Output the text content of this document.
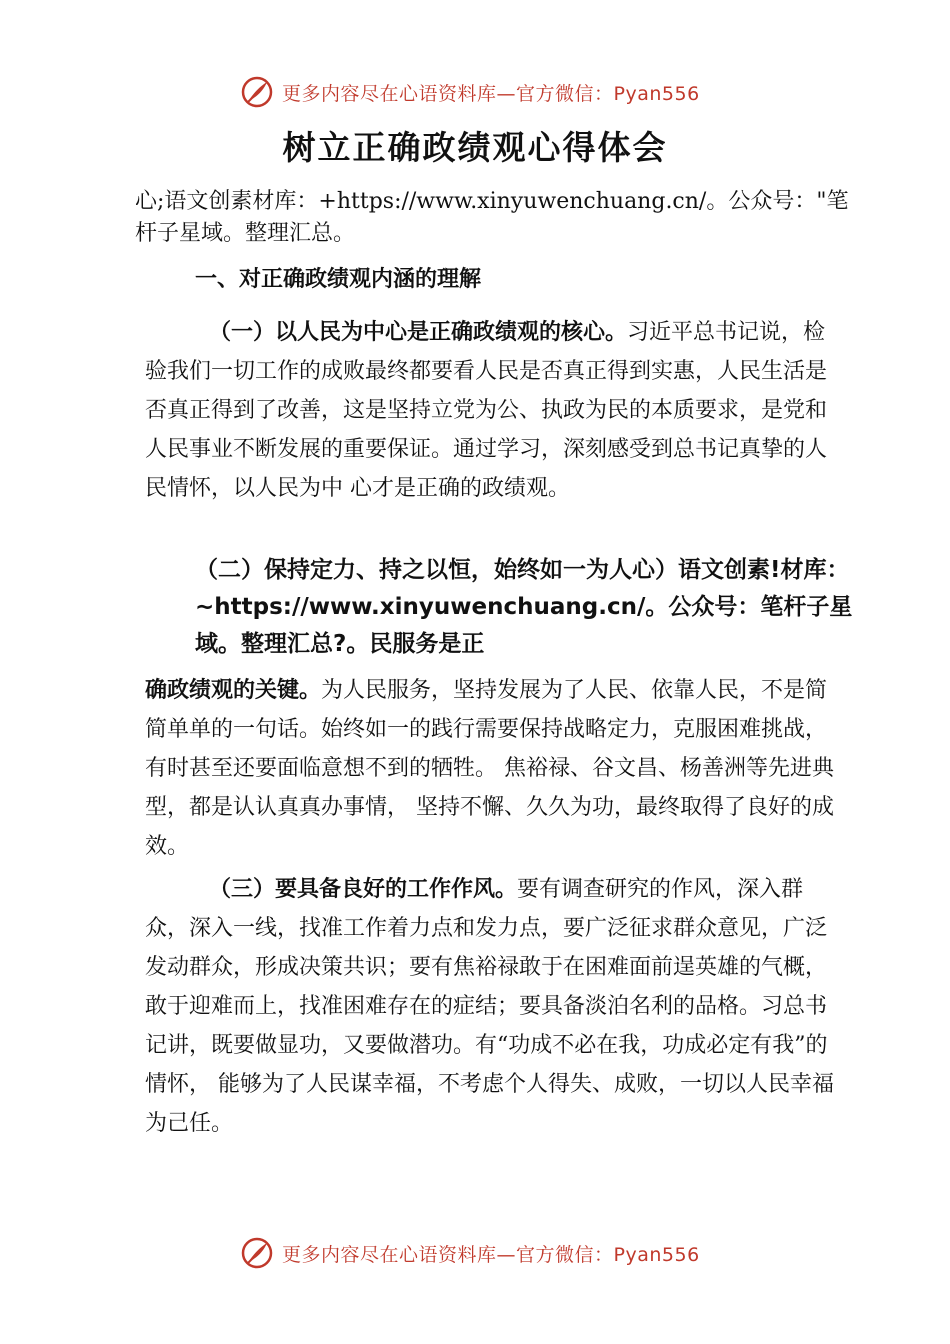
更多内容尽在心语资料库—官方微信：Pyan556
树立正确政绩观心得体会

心;语文创素材库：+https://www.xinyuwenchuang.cn/。公众号："笔杆子星域。整理汇总。

一、对正确政绩观内涵的理解

（一）以人民为中心是正确政绩观的核心。习近平总书记说，检验我们一切工作的成败最终都要看人民是否真正得到实惠，人民生活是否真正得到了改善，这是坚持立党为公、执政为民的本质要求，是党和人民事业不断发展的重要保证。通过学习，深刻感受到总书记真挚的人民情怀，以人民为中 心才是正确的政绩观。

（二）保持定力、持之以恒，始终如一为人心）语文创素!材库：~https://www.xinyuwenchuang.cn/。公众号：笔杆子星域。整理汇总?。民服务是正

确政绩观的关键。为人民服务，坚持发展为了人民、依靠人民，不是简简单单的一句话。始终如一的践行需要保持战略定力，克服困难挑战，有时甚至还要面临意想不到的牺牲。 焦裕禄、谷文昌、杨善洲等先进典型，都是认认真真办事情， 坚持不懈、久久为功，最终取得了良好的成效。

（三）要具备良好的工作作风。要有调查研究的作风，深入群众，深入一线，找准工作着力点和发力点，要广泛征求群众意见，广泛发动群众，形成决策共识；要有焦裕禄敢于在困难面前逞英雄的气概，敢于迎难而上，找准困难存在的症结；要具备淡泊名利的品格。习总书记讲，既要做显功，又要做潜功。有“功成不必在我，功成必定有我”的情怀， 能够为了人民谋幸福，不考虑个人得失、成败，一切以人民幸福为己任。

更多内容尽在心语资料库—官方微信：Pyan556
